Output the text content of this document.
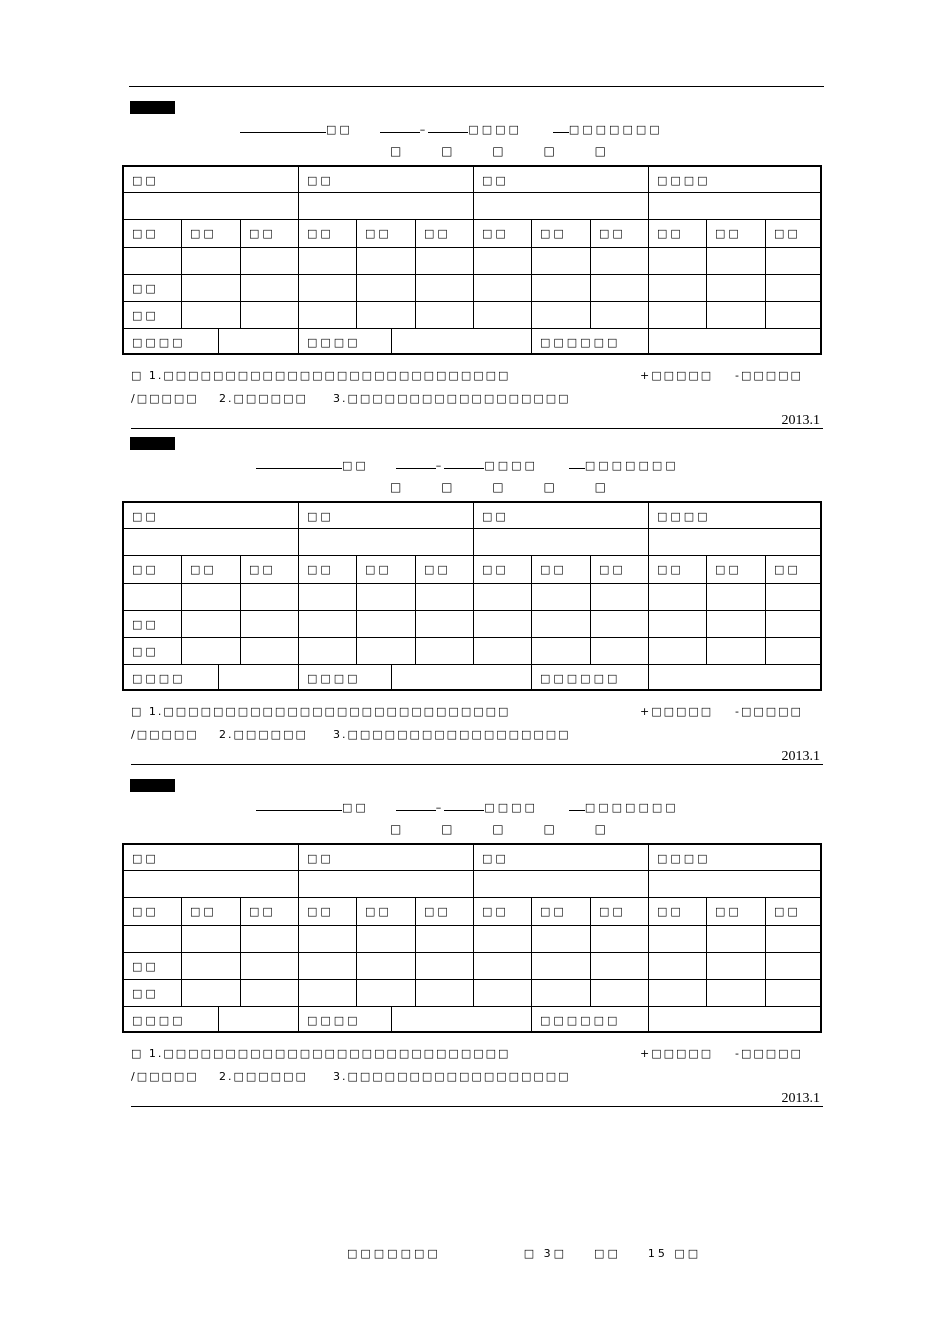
□□	–	□□□□	□□□□□□□
□ □ □ □ □
□□	□□	□□	□□□□
□□	□□	□□	□□	□□	□□	□□	□□	□□	□□	□□	□□
□□
□□
□□□□	□□□□	□□□□□□
□ 1.□□□□□□□□□□□□□□□□□□□□□□□□□□□□	+□□□□□ -□□□□□
/□□□□□ 2.□□□□□□ 3.□□□□□□□□□□□□□□□□□□
2013.1
□□	–	□□□□	□□□□□□□
□ □ □ □ □
□□	□□	□□	□□□□
□□	□□	□□	□□	□□	□□	□□	□□	□□	□□	□□	□□
□□
□□
□□□□	□□□□	□□□□□□
□ 1.□□□□□□□□□□□□□□□□□□□□□□□□□□□□	+□□□□□ -□□□□□
/□□□□□ 2.□□□□□□ 3.□□□□□□□□□□□□□□□□□□
2013.1
□□	–	□□□□	□□□□□□□
□ □ □ □ □
□□	□□	□□	□□□□
□□	□□	□□	□□	□□	□□	□□	□□	□□	□□	□□	□□
□□
□□
□□□□	□□□□	□□□□□□
□ 1.□□□□□□□□□□□□□□□□□□□□□□□□□□□□	+□□□□□ -□□□□□
/□□□□□ 2.□□□□□□ 3.□□□□□□□□□□□□□□□□□□
2013.1
□□□□□□□	□ 3□ □□ 15 □□
